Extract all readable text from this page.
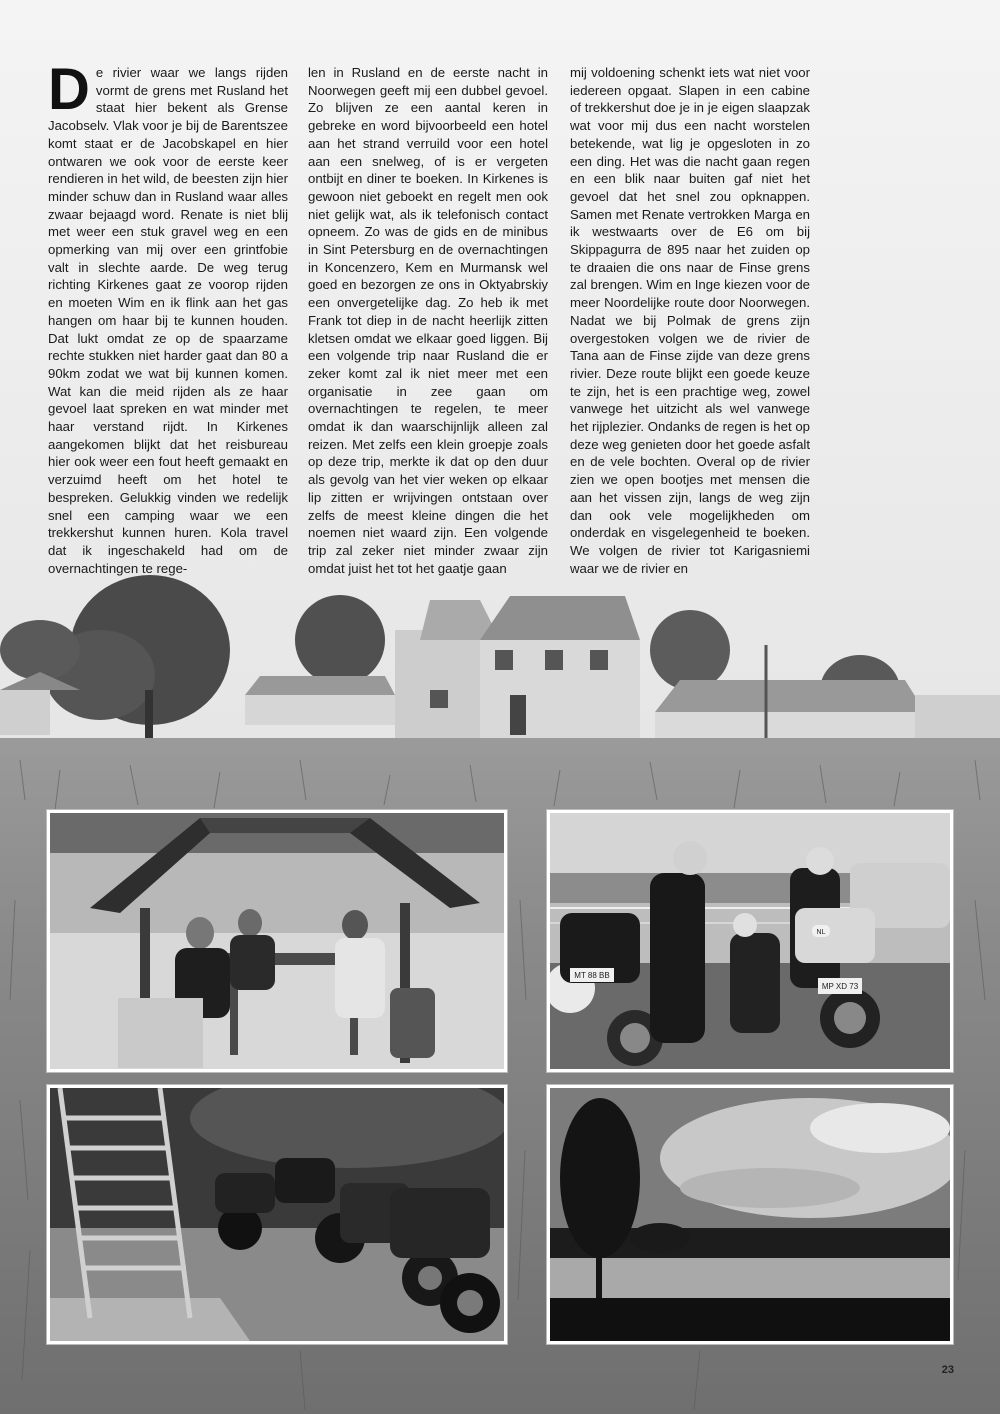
De rivier waar we langs rijden vormt de grens met Rusland het staat hier bekent als Grense Jacobselv. Vlak voor je bij de Barentszee komt staat er de Jacobskapel en hier ontwaren we ook voor de eerste keer rendieren in het wild, de beesten zijn hier minder schuw dan in Rusland waar alles zwaar bejaagd word. Renate is niet blij met weer een stuk gravel weg en een opmerking van mij over een grintfobie valt in slechte aarde. De weg terug richting Kirkenes gaat ze voorop rijden en moeten Wim en ik flink aan het gas hangen om haar bij te kunnen houden. Dat lukt omdat ze op de spaarzame rechte stukken niet harder gaat dan 80 a 90km zodat we wat bij kunnen komen. Wat kan die meid rijden als ze haar gevoel laat spreken en wat minder met haar verstand rijdt. In Kirkenes aangekomen blijkt dat het reisbureau hier ook weer een fout heeft gemaakt en verzuimd heeft om het hotel te bespreken. Gelukkig vinden we redelijk snel een camping waar we een trekkershut kunnen huren. Kola travel dat ik ingeschakeld had om de overnachtingen te rege-
len in Rusland en de eerste nacht in Noorwegen geeft mij een dubbel gevoel. Zo blijven ze een aantal keren in gebreke en word bijvoorbeeld een hotel aan het strand verruild voor een hotel aan een snelweg, of is er vergeten ontbijt en diner te boeken. In Kirkenes is gewoon niet geboekt en regelt men ook niet gelijk wat, als ik telefonisch contact opneem. Zo was de gids en de minibus in Sint Petersburg en de overnachtingen in Koncenzero, Kem en Murmansk wel goed en bezorgen ze ons in Oktyabrskiy een onvergetelijke dag. Zo heb ik met Frank tot diep in de nacht heerlijk zitten kletsen omdat we elkaar goed liggen. Bij een volgende trip naar Rusland die er zeker komt zal ik niet meer met een organisatie in zee gaan om overnachtingen te regelen, te meer omdat ik dan waarschijnlijk alleen zal reizen. Met zelfs een klein groepje zoals op deze trip, merkte ik dat op den duur als gevolg van het vier weken op elkaar lip zitten er wrijvingen ontstaan over zelfs de meest kleine dingen die het noemen niet waard zijn. Een volgende trip zal zeker niet minder zwaar zijn omdat juist het tot het gaatje gaan
mij voldoening schenkt iets wat niet voor iedereen opgaat. Slapen in een cabine of trekkershut doe je in je eigen slaapzak wat voor mij dus een nacht worstelen betekende, wat lig je opgesloten in zo een ding. Het was die nacht gaan regen en een blik naar buiten gaf niet het gevoel dat het snel zou opknappen. Samen met Renate vertrokken Marga en ik westwaarts over de E6 om bij Skippagurra de 895 naar het zuiden op te draaien die ons naar de Finse grens zal brengen. Wim en Inge kiezen voor de meer Noordelijke route door Noorwegen. Nadat we bij Polmak de grens zijn overgestoken volgen we de rivier de Tana aan de Finse zijde van deze grens rivier. Deze route blijkt een goede keuze te zijn, het is een prachtige weg, zowel vanwege het uitzicht als wel vanwege het rijplezier. Ondanks de regen is het op deze weg genieten door het goede asfalt en de vele bochten. Overal op de rivier zien we open bootjes met mensen die aan het vissen zijn, langs de weg zijn dan ook vele mogelijkheden om onderdak en visgelegenheid te boeken. We volgen de rivier tot Karigasniemi waar we de rivier en
NL
MP XD 73
MT 88 BB
23
